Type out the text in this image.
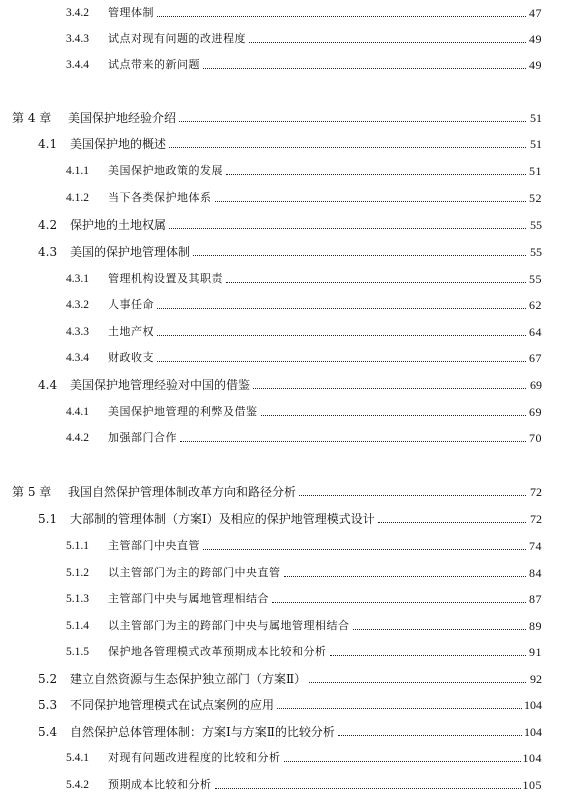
3.4.2	管理体制	47
3.4.3	试点对现有问题的改进程度	49
3.4.4	试点带来的新问题	49
第 4 章	美国保护地经验介绍	51
4.1	美国保护地的概述	51
4.1.1	美国保护地政策的发展	51
4.1.2	当下各类保护地体系	52
4.2	保护地的土地权属	55
4.3	美国的保护地管理体制	55
4.3.1	管理机构设置及其职责	55
4.3.2	人事任命	62
4.3.3	土地产权	64
4.3.4	财政收支	67
4.4	美国保护地管理经验对中国的借鉴	69
4.4.1	美国保护地管理的利弊及借鉴	69
4.4.2	加强部门合作	70
第 5 章	我国自然保护管理体制改革方向和路径分析	72
5.1	大部制的管理体制（方案Ⅰ）及相应的保护地管理模式设计	72
5.1.1	主管部门中央直管	74
5.1.2	以主管部门为主的跨部门中央直管	84
5.1.3	主管部门中央与属地管理相结合	87
5.1.4	以主管部门为主的跨部门中央与属地管理相结合	89
5.1.5	保护地各管理模式改革预期成本比较和分析	91
5.2	建立自然资源与生态保护独立部门（方案Ⅱ）	92
5.3	不同保护地管理模式在试点案例的应用	104
5.4	自然保护总体管理体制：方案Ⅰ与方案Ⅱ的比较分析	104
5.4.1	对现有问题改进程度的比较和分析	104
5.4.2	预期成本比较和分析	105
